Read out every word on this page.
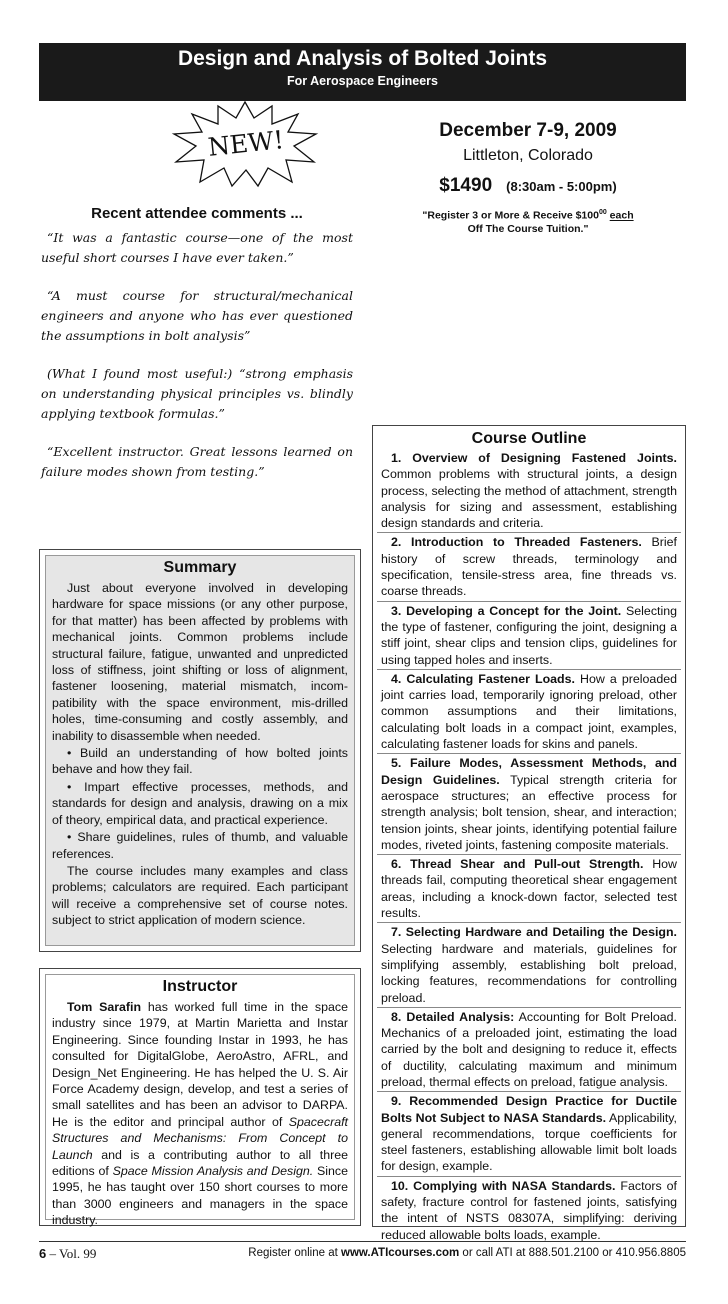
Design and Analysis of Bolted Joints
For Aerospace Engineers
NEW!	December 7-9, 2009
Littleton, Colorado
$1490 (8:30am - 5:00pm)
"Register 3 or More & Receive $\$100^{00}$ each
Off The Course Tuition."
Recent attendee comments ...
“It was a fantastic course—one of the most useful short courses I have ever taken.”
“A must course for structural/mechanical engineers and anyone who has ever questioned the assumptions in bolt analysis”
(What I found most useful:) “strong emphasis on understanding physical principles vs. blindly applying textbook formulas.”
“Excellent instructor. Great lessons learned on failure modes shown from testing.”
Summary

Just about everyone involved in developing hardware for space missions (or any other purpose, for that matter) has been affected by problems with mechanical joints. Common problems include structural failure, fatigue, unwanted and unpredicted loss of stiffness, joint shifting or loss of alignment, fastener loosening, material mismatch, incom-patibility with the space environment, mis-drilled holes, time-consuming and costly assembly, and inability to disassemble when needed.

• Build an understanding of how bolted joints behave and how they fail.

• Impart effective processes, methods, and standards for design and analysis, drawing on a mix of theory, empirical data, and practical experience.

• Share guidelines, rules of thumb, and valuable references.

The course includes many examples and class problems; calculators are required. Each participant will receive a comprehensive set of course notes. subject to strict application of modern science.

Instructor

Tom Sarafin has worked full time in the space industry since 1979, at Martin Marietta and Instar Engineering. Since founding Instar in 1993, he has consulted for DigitalGlobe, AeroAstro, AFRL, and Design_Net Engineering. He has helped the U. S. Air Force Academy design, develop, and test a series of small satellites and has been an advisor to DARPA. He is the editor and principal author of Spacecraft Structures and Mechanisms: From Concept to Launch and is a contributing author to all three editions of Space Mission Analysis and Design. Since 1995, he has taught over 150 short courses to more than 3000 engineers and managers in the space industry.

Course Outline
1. Overview of Designing Fastened Joints. Common problems with structural joints, a design process, selecting the method of attachment, strength analysis for sizing and assessment, establishing design standards and criteria.
2. Introduction to Threaded Fasteners. Brief history of screw threads, terminology and specification, tensile-stress area, fine threads vs. coarse threads.
3. Developing a Concept for the Joint. Selecting the type of fastener, configuring the joint, designing a stiff joint, shear clips and tension clips, guidelines for using tapped holes and inserts.
4. Calculating Fastener Loads. How a preloaded joint carries load, temporarily ignoring preload, other common assumptions and their limitations, calculating bolt loads in a compact joint, examples, calculating fastener loads for skins and panels.
5. Failure Modes, Assessment Methods, and Design Guidelines. Typical strength criteria for aerospace structures; an effective process for strength analysis; bolt tension, shear, and interaction; tension joints, shear joints, identifying potential failure modes, riveted joints, fastening composite materials.
6. Thread Shear and Pull-out Strength. How threads fail, computing theoretical shear engagement areas, including a knock-down factor, selected test results.
7. Selecting Hardware and Detailing the Design. Selecting hardware and materials, guidelines for simplifying assembly, establishing bolt preload, locking features, recommendations for controlling preload.
8. Detailed Analysis: Accounting for Bolt Preload. Mechanics of a preloaded joint, estimating the load carried by the bolt and designing to reduce it, effects of ductility, calculating maximum and minimum preload, thermal effects on preload, fatigue analysis.
9. Recommended Design Practice for Ductile Bolts Not Subject to NASA Standards. Applicability, general recommendations, torque coefficients for steel fasteners, establishing allowable limit bolt loads for design, example.
10. Complying with NASA Standards. Factors of safety, fracture control for fastened joints, satisfying the intent of NSTS 08307A, simplifying: deriving reduced allowable bolts loads, example.
6 – Vol. 99	Register online at www.ATIcourses.com or call ATI at 888.501.2100 or 410.956.8805
